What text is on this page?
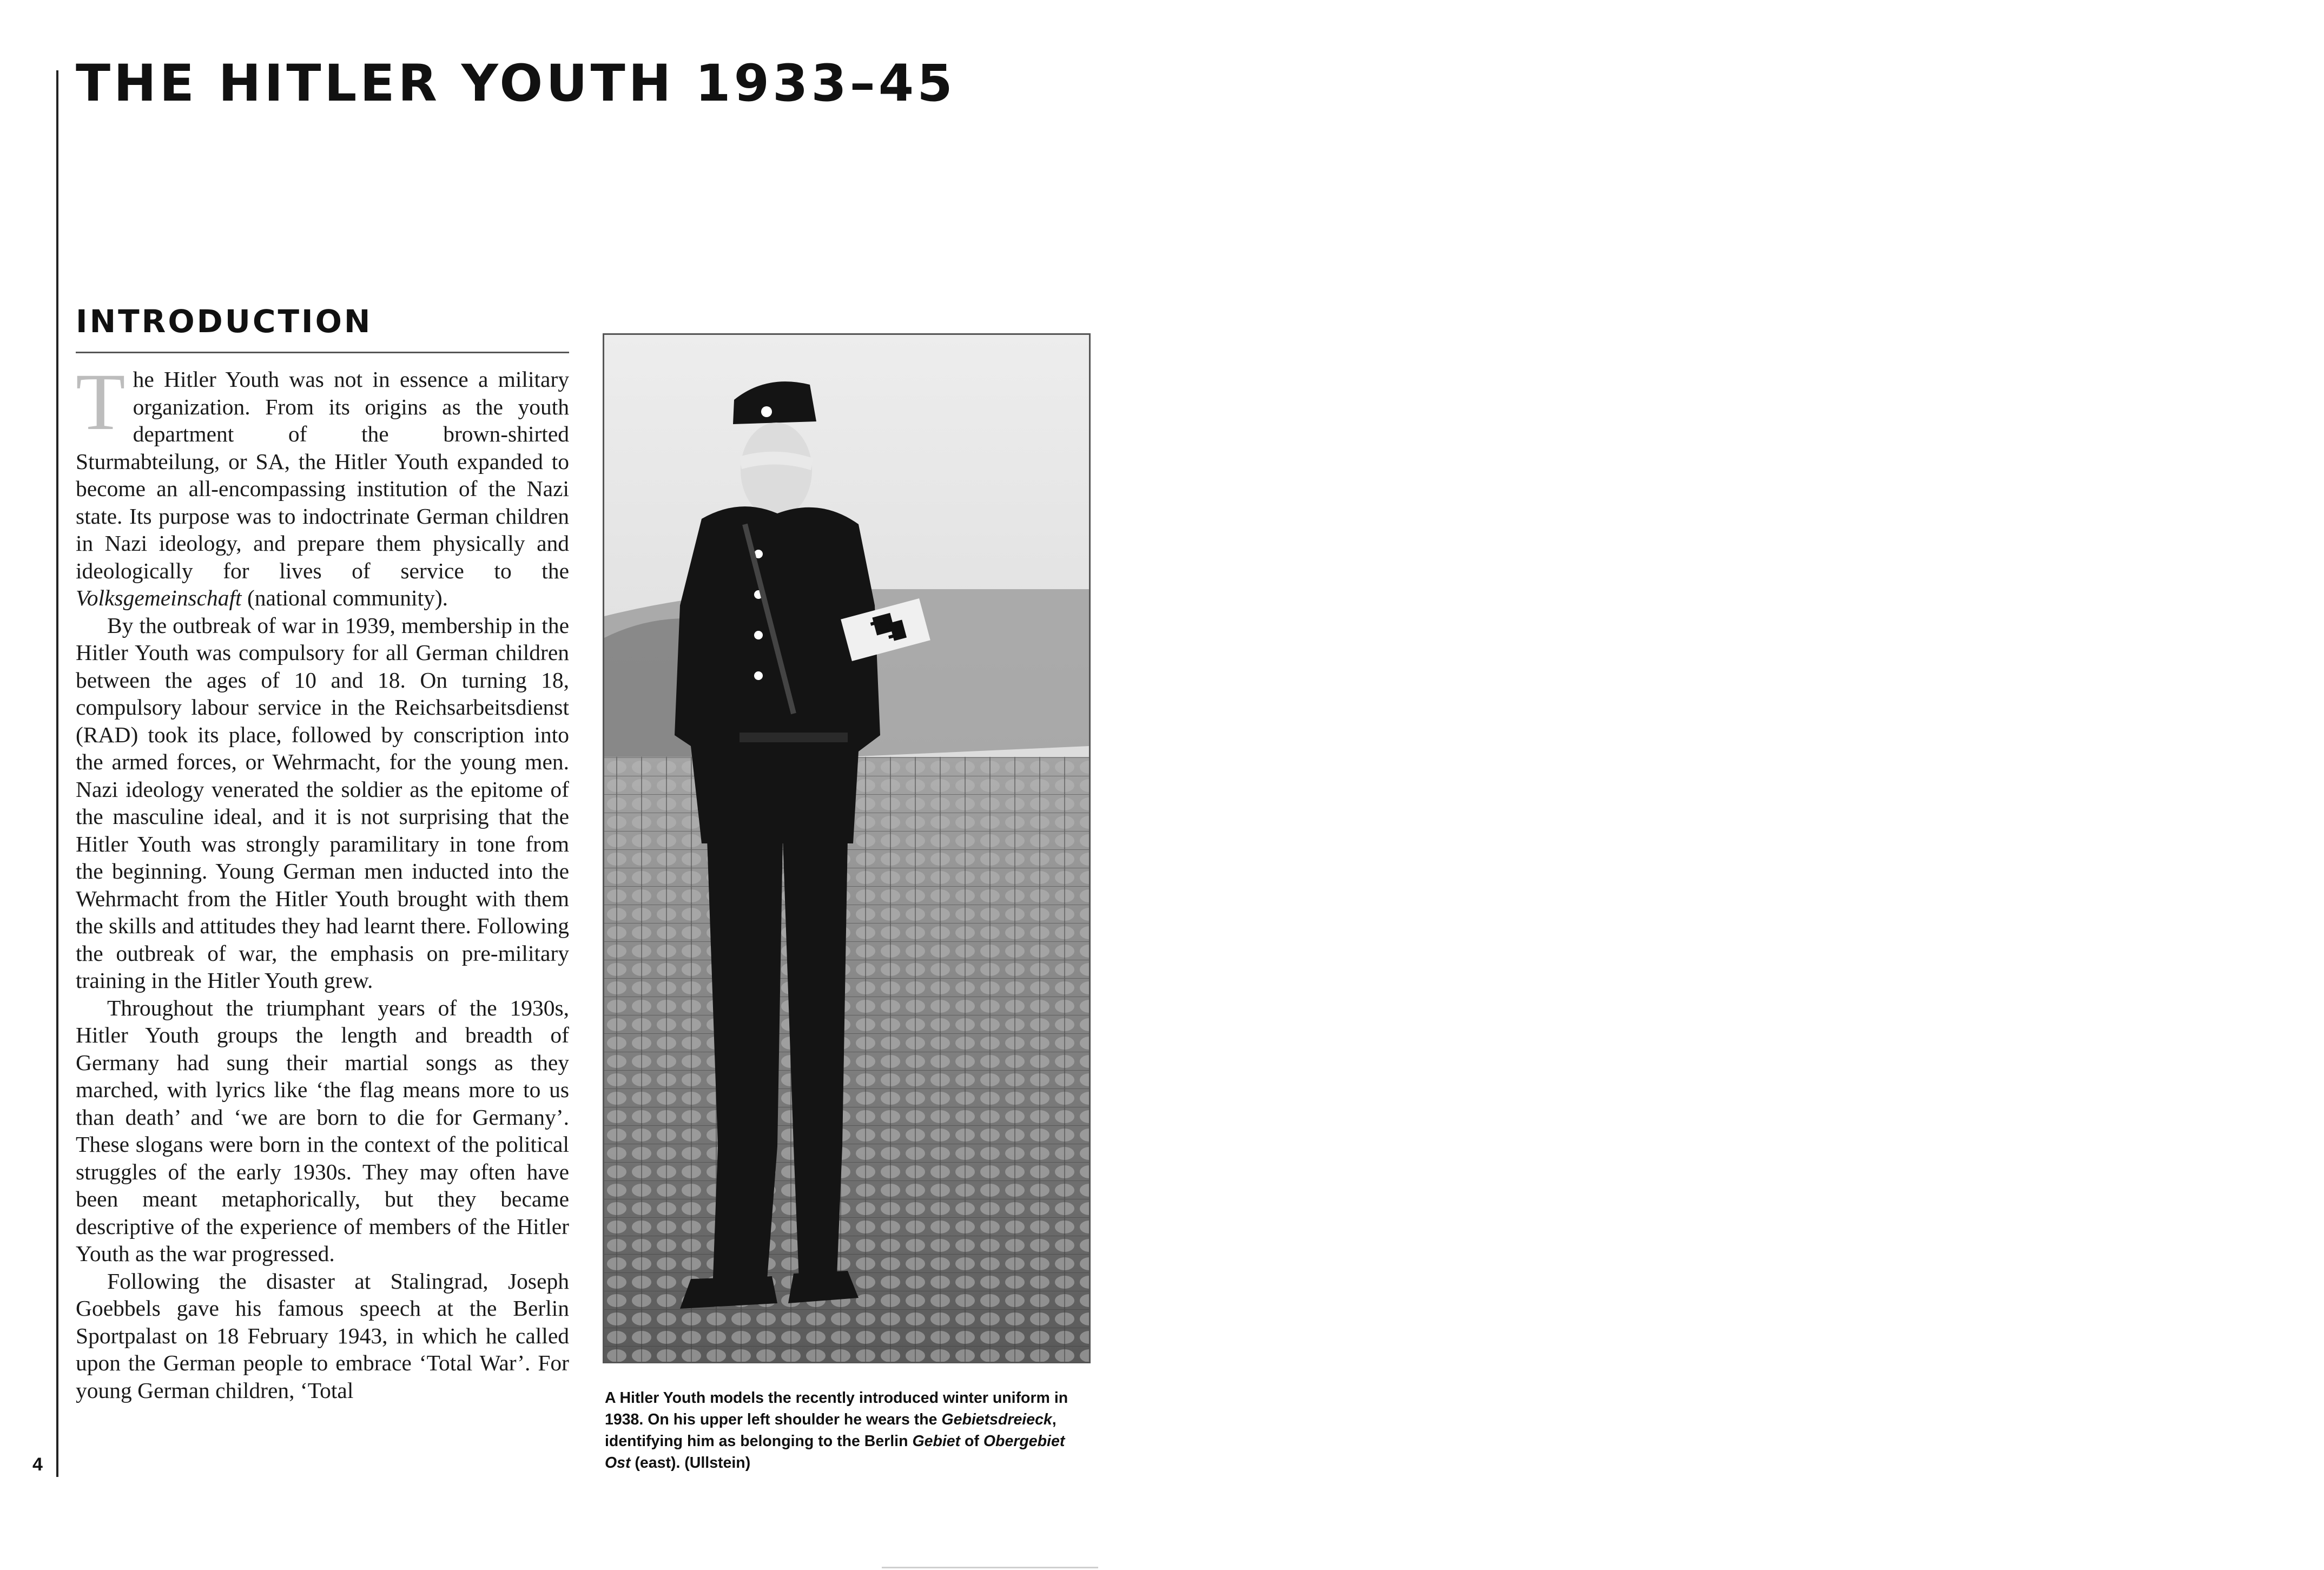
THE HITLER YOUTH 1933–45
INTRODUCTION

The Hitler Youth was not in essence a military organization. From its origins as the youth department of the brown-shirted Sturmabteilung, or SA, the Hitler Youth expanded to become an all-encompassing institution of the Nazi state. Its purpose was to indoctrinate German children in Nazi ideology, and prepare them physically and ideologically for lives of service to the Volksgemeinschaft (national community).

By the outbreak of war in 1939, membership in the Hitler Youth was compulsory for all German children between the ages of 10 and 18. On turning 18, compulsory labour service in the Reichsarbeitsdienst (RAD) took its place, followed by conscription into the armed forces, or Wehrmacht, for the young men. Nazi ideology venerated the soldier as the epitome of the masculine ideal, and it is not surprising that the Hitler Youth was strongly paramilitary in tone from the beginning. Young German men inducted into the Wehrmacht from the Hitler Youth brought with them the skills and attitudes they had learnt there. Following the outbreak of war, the emphasis on pre-military training in the Hitler Youth grew.

Throughout the triumphant years of the 1930s, Hitler Youth groups the length and breadth of Germany had sung their martial songs as they marched, with lyrics like ‘the flag means more to us than death’ and ‘we are born to die for Germany’. These slogans were born in the context of the political struggles of the early 1930s. They may often have been meant metaphorically, but they became descriptive of the experience of members of the Hitler Youth as the war progressed.

Following the disaster at Stalingrad, Joseph Goebbels gave his famous speech at the Berlin Sportpalast on 18 February 1943, in which he called upon the German people to embrace ‘Total War’. For young German children, ‘Total	A Hitler Youth models the recently introduced winter uniform in 1938. On his upper left shoulder he wears the Gebietsdreieck, identifying him as belonging to the Berlin Gebiet of Obergebiet Ost (east). (Ullstein)

4
